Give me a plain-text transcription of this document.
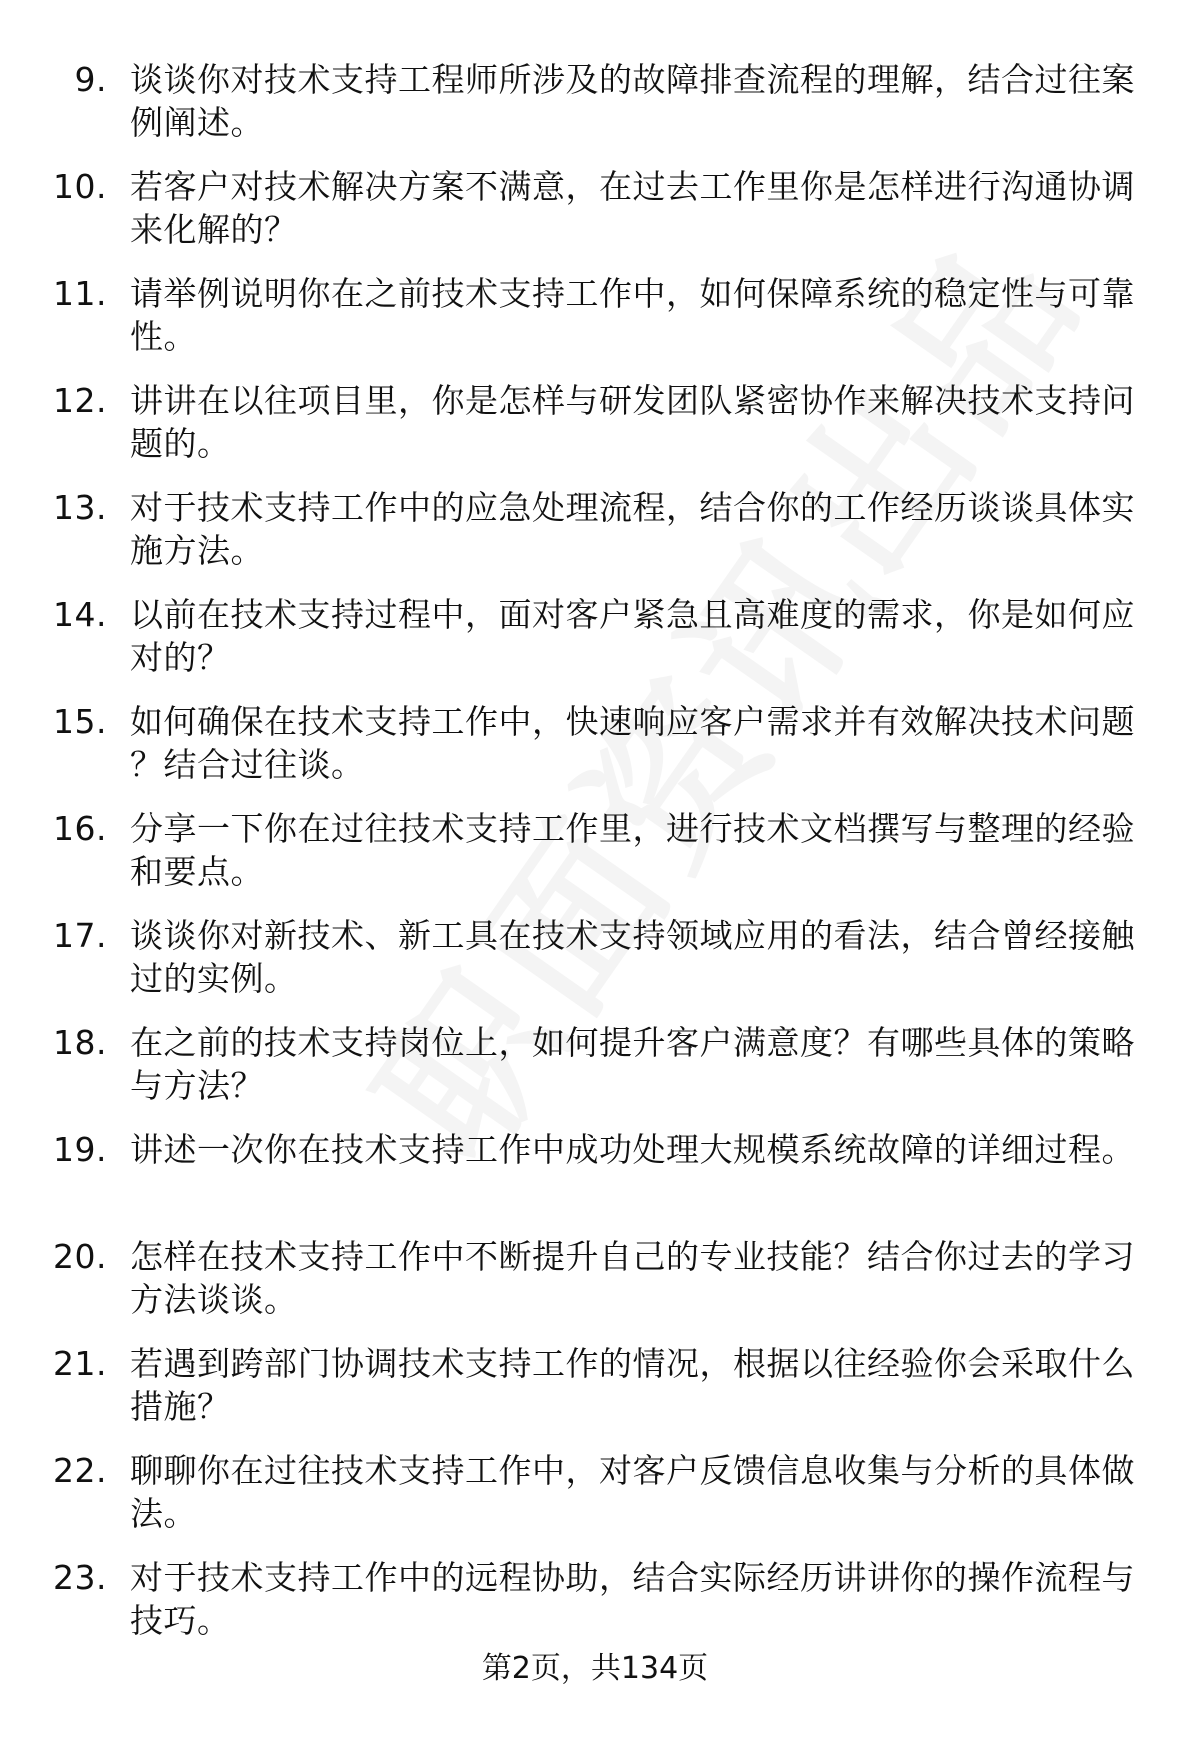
9. 谈谈你对技术支持工程师所涉及的故障排查流程的理解，结合过往案例阐述。
10. 若客户对技术解决方案不满意，在过去工作里你是怎样进行沟通协调来化解的？
11. 请举例说明你在之前技术支持工作中，如何保障系统的稳定性与可靠性。
12. 讲讲在以往项目里，你是怎样与研发团队紧密协作来解决技术支持问题的。
13. 对于技术支持工作中的应急处理流程，结合你的工作经历谈谈具体实施方法。
14. 以前在技术支持过程中，面对客户紧急且高难度的需求，你是如何应对的？
15. 如何确保在技术支持工作中，快速响应客户需求并有效解决技术问题？结合过往谈。
16. 分享一下你在过往技术支持工作里，进行技术文档撰写与整理的经验和要点。
17. 谈谈你对新技术、新工具在技术支持领域应用的看法，结合曾经接触过的实例。
18. 在之前的技术支持岗位上，如何提升客户满意度？有哪些具体的策略与方法？
19. 讲述一次你在技术支持工作中成功处理大规模系统故障的详细过程。
20. 怎样在技术支持工作中不断提升自己的专业技能？结合你过去的学习方法谈谈。
21. 若遇到跨部门协调技术支持工作的情况，根据以往经验你会采取什么措施？
22. 聊聊你在过往技术支持工作中，对客户反馈信息收集与分析的具体做法。
23. 对于技术支持工作中的远程协助，结合实际经历讲讲你的操作流程与技巧。
第2页，共134页
